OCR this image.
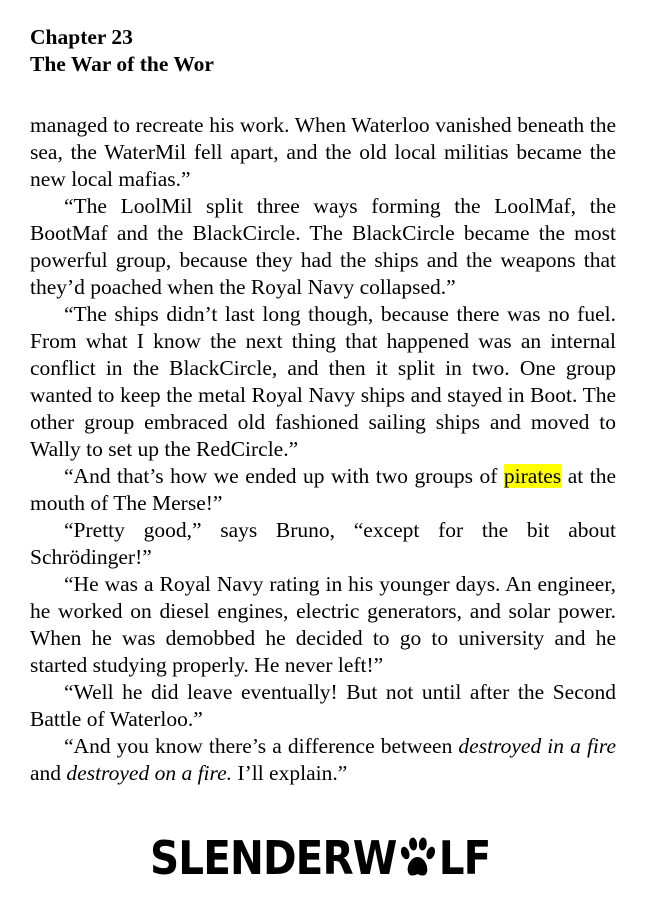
Chapter 23
The War of the Wor

managed to recreate his work. When Waterloo vanished beneath the sea, the WaterMil fell apart, and the old local militias became the new local mafias.”

“The LoolMil split three ways forming the LoolMaf, the BootMaf and the BlackCircle. The BlackCircle became the most powerful group, because they had the ships and the weapons that they’d poached when the Royal Navy collapsed.”

“The ships didn’t last long though, because there was no fuel. From what I know the next thing that happened was an internal conflict in the BlackCircle, and then it split in two. One group wanted to keep the metal Royal Navy ships and stayed in Boot. The other group embraced old fashioned sailing ships and moved to Wally to set up the RedCircle.”

“And that’s how we ended up with two groups of pirates at the mouth of The Merse!”

“Pretty good,” says Bruno, “except for the bit about Schrödinger!”

“He was a Royal Navy rating in his younger days. An engineer, he worked on diesel engines, electric generators, and solar power. When he was demobbed he decided to go to university and he started studying properly. He never left!”

“Well he did leave eventually! But not until after the Second Battle of Waterloo.”

“And you know there’s a difference between destroyed in a fire and destroyed on a fire. I’ll explain.”

SLENDERW LF
